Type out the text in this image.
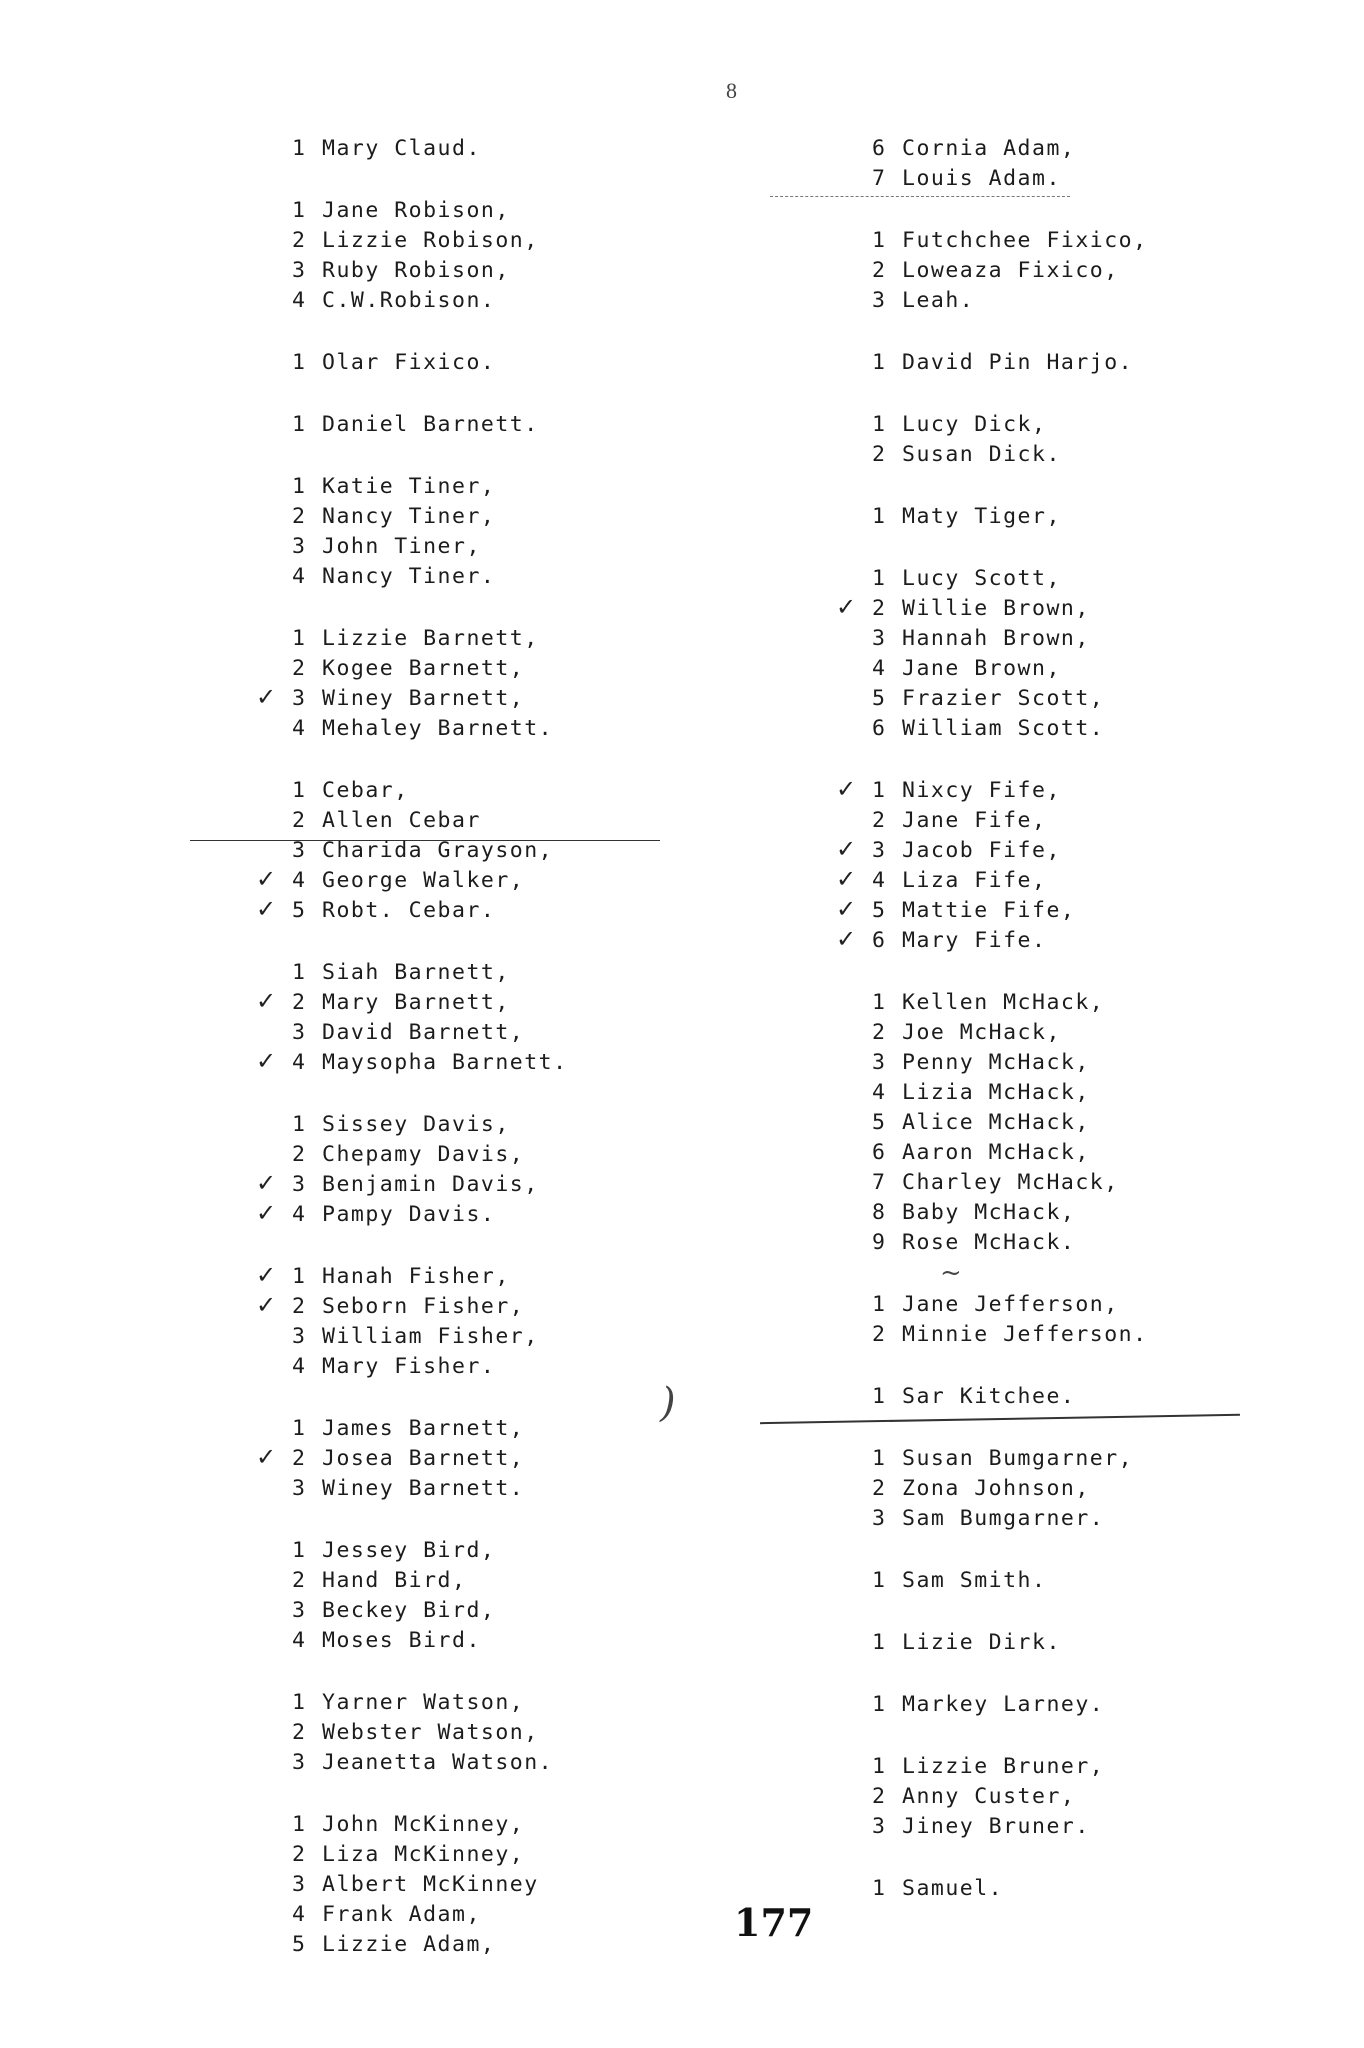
8
1 Mary Claud.
1 Jane Robison,
2 Lizzie Robison,
3 Ruby Robison,
4 C.W.Robison.
1 Olar Fixico.
1 Daniel Barnett.
1 Katie Tiner,
2 Nancy Tiner,
3 John Tiner,
4 Nancy Tiner.
1 Lizzie Barnett,
2 Kogee Barnett,
✓ 3 Winey Barnett,
4 Mehaley Barnett.
1 Cebar,
2 Allen Cebar
3 Charida Grayson,
✓ 4 George Walker,
✓ 5 Robt. Cebar.
1 Siah Barnett,
✓ 2 Mary Barnett,
3 David Barnett,
✓ 4 Maysopha Barnett.
1 Sissey Davis,
2 Chepamy Davis,
✓ 3 Benjamin Davis,
✓ 4 Pampy Davis.
✓ 1 Hanah Fisher,
✓ 2 Seborn Fisher,
3 William Fisher,
4 Mary Fisher.
1 James Barnett,
✓ 2 Josea Barnett,
3 Winey Barnett.
1 Jessey Bird,
2 Hand Bird,
3 Beckey Bird,
4 Moses Bird.
1 Yarner Watson,
2 Webster Watson,
3 Jeanetta Watson.
1 John McKinney,
2 Liza McKinney,
3 Albert McKinney
4 Frank Adam,
5 Lizzie Adam,
6 Cornia Adam,
7 Louis Adam.
1 Futchchee Fixico,
2 Loweaza Fixico,
3 Leah.
1 David Pin Harjo.
1 Lucy Dick,
2 Susan Dick.
1 Maty Tiger,
1 Lucy Scott,
✓ 2 Willie Brown,
3 Hannah Brown,
4 Jane Brown,
5 Frazier Scott,
6 William Scott.
✓ 1 Nixcy Fife,
2 Jane Fife,
✓ 3 Jacob Fife,
✓ 4 Liza Fife,
✓ 5 Mattie Fife,
✓ 6 Mary Fife.
1 Kellen McHack,
2 Joe McHack,
3 Penny McHack,
4 Lizia McHack,
5 Alice McHack,
6 Aaron McHack,
7 Charley McHack,
8 Baby McHack,
9 Rose McHack.
1 Jane Jefferson,
2 Minnie Jefferson.
1 Sar Kitchee.
1 Susan Bumgarner,
2 Zona Johnson,
3 Sam Bumgarner.
1 Sam Smith.
1 Lizie Dirk.
1 Markey Larney.
1 Lizzie Bruner,
2 Anny Custer,
3 Jiney Bruner.
1 Samuel.
~
)
177
